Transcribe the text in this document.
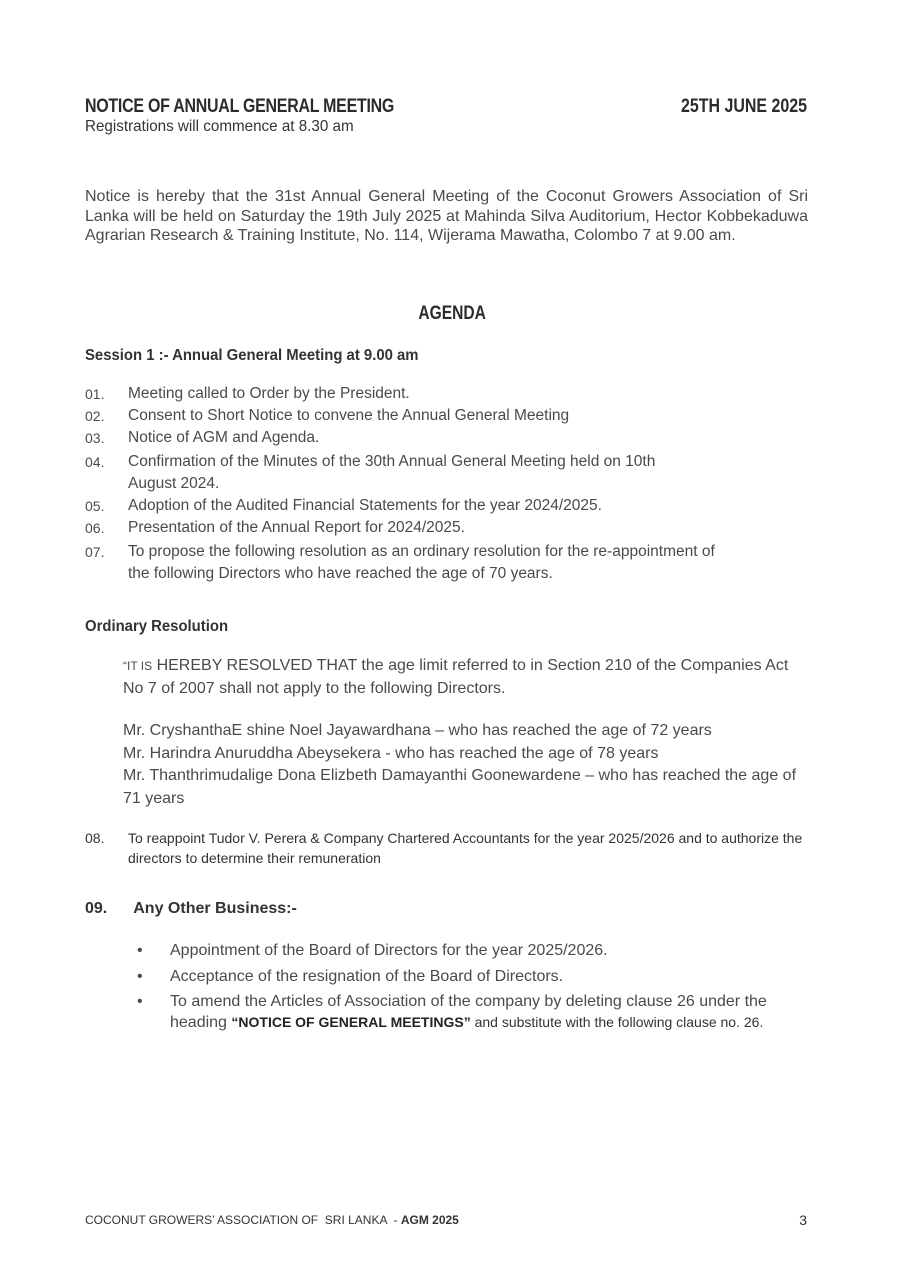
NOTICE OF ANNUAL GENERAL MEETING	25TH JUNE 2025
Registrations will commence at 8.30 am
Notice is hereby that the 31st Annual General Meeting of the Coconut Growers Association of Sri Lanka will be held on Saturday the 19th July 2025 at Mahinda Silva Auditorium, Hector Kobbekaduwa Agrarian Research & Training Institute, No. 114, Wijerama Mawatha, Colombo 7 at 9.00 am.
AGENDA
Session 1 :- Annual General Meeting at 9.00 am
01. Meeting called to Order by the President.
02. Consent to Short Notice to convene the Annual General Meeting
03. Notice of AGM and Agenda.
04. Confirmation of the Minutes of the 30th Annual General Meeting held on 10th
August 2024.
05. Adoption of the Audited Financial Statements for the year 2024/2025.
06. Presentation of the Annual Report for 2024/2025.
07. To propose the following resolution as an ordinary resolution for the re-appointment of
the following Directors who have reached the age of 70 years.
Ordinary Resolution
“IT IS HEREBY RESOLVED THAT the age limit referred to in Section 210 of the Companies Act No 7 of 2007 shall not apply to the following Directors.
Mr. CryshanthaE shine Noel Jayawardhana – who has reached the age of 72 years
Mr. Harindra Anuruddha Abeysekera - who has reached the age of 78 years
Mr. Thanthrimudalige Dona Elizbeth Damayanthi Goonewardene – who has reached the age of 71 years
08. To reappoint Tudor V. Perera & Company Chartered Accountants for the year 2025/2026 and to authorize the directors to determine their remuneration
09. Any Other Business:-
• Appointment of the Board of Directors for the year 2025/2026.
• Acceptance of the resignation of the Board of Directors.
• To amend the Articles of Association of the company by deleting clause 26 under the heading “NOTICE OF GENERAL MEETINGS” and substitute with the following clause no. 26.
COCONUT GROWERS’ ASSOCIATION OF  SRI LANKA  - AGM 2025	3
